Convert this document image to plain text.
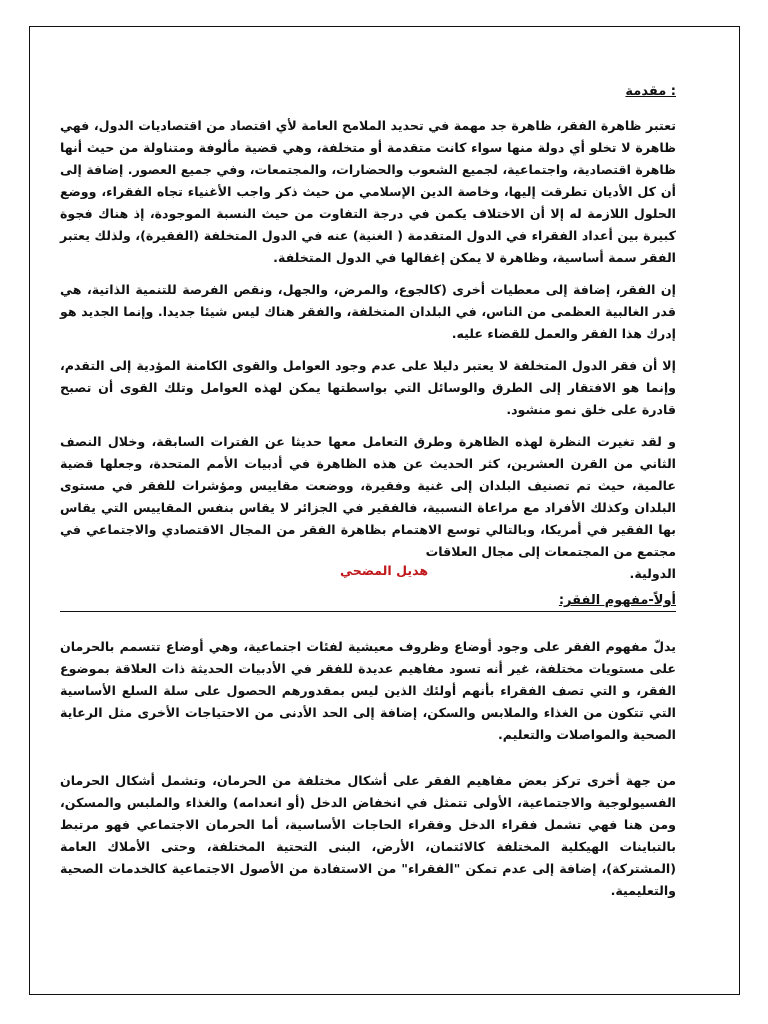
: مقدمة

تعتبر ظاهرة الفقر، ظاهرة جد مهمة في تحديد الملامح العامة لأي اقتصاد من اقتصاديات الدول، فهي ظاهرة لا تخلو أي دولة منها سواء كانت متقدمة أو متخلفة، وهي قضية مألوفة ومتناولة من حيث أنها ظاهرة اقتصادية، واجتماعية، لجميع الشعوب والحضارات، والمجتمعات، وفي جميع العصور. إضافة إلى أن كل الأديان تطرقت إليها، وخاصة الدين الإسلامي من حيث ذكر واجب الأغنياء تجاه الفقراء، ووضع الحلول اللازمة له إلا أن الاختلاف يكمن في درجة التفاوت من حيث النسبة الموجودة، إذ هناك فجوة كبيرة بين أعداد الفقراء في الدول المتقدمة ( الغنية) عنه في الدول المتخلفة (الفقيرة)، ولذلك يعتبر الفقر سمة أساسية، وظاهرة لا يمكن إغفالها في الدول المتخلفة.

إن الفقر، إضافة إلى معطيات أخرى (كالجوع، والمرض، والجهل، ونقص الفرصة للتنمية الذاتية، هي قدر الغالبية العظمى من الناس، في البلدان المتخلفة، والفقر هناك ليس شيئا جديدا. وإنما الجديد هو إدرك هذا الفقر والعمل للقضاء عليه.

إلا أن فقر الدول المتخلفة لا يعتبر دليلا على عدم وجود العوامل والقوى الكامنة المؤدية إلى التقدم، وإنما هو الافتقار إلى الطرق والوسائل التي بواسطتها يمكن لهذه العوامل وتلك القوى أن تصبح قادرة على خلق نمو منشود.

و لقد تغيرت النظرة لهذه الظاهرة وطرق التعامل معها حديثا عن الفترات السابقة، وخلال النصف الثاني من القرن العشرين، كثر الحديث عن هذه الظاهرة في أدبيات الأمم المتحدة، وجعلها قضية عالمية، حيث تم تصنيف البلدان إلى غنية وفقيرة، ووضعت مقاييس ومؤشرات للفقر في مستوى البلدان وكذلك الأفراد مع مراعاة النسبية، فالفقير في الجزائر لا يقاس بنفس المقاييس التي يقاس بها الفقير في أمريكا، وبالتالي توسع الاهتمام بظاهرة الفقر من المجال الاقتصادي والاجتماعي في مجتمع من المجتمعات إلى مجال العلاقات

الدولية.
هديل المضحي
أولاً-مفهوم الفقر:

يدلّ مفهوم الفقر على وجود أوضاع وظروف معيشية لفئات اجتماعية، وهي أوضاع تتسمم بالحرمان على مستويات مختلفة، غير أنه تسود مفاهيم عديدة للفقر في الأدبيات الحديثة ذات العلاقة بموضوع الفقر، و التي تصف الفقراء بأنهم أولئك الذين ليس بمقدورهم الحصول على سلة السلع الأساسية التي تتكون من الغذاء والملابس والسكن، إضافة إلى الحد الأدنى من الاحتياجات الأخرى مثل الرعاية الصحية والمواصلات والتعليم.

من جهة أخرى تركز بعض مفاهيم الفقر على أشكال مختلفة من الحرمان، وتشمل أشكال الحرمان الفسيولوجية والاجتماعية، الأولى تتمثل في انخفاض الدخل (أو انعدامه) والغذاء والملبس والمسكن، ومن هنا فهي تشمل فقراء الدخل وفقراء الحاجات الأساسية، أما الحرمان الاجتماعي فهو مرتبط بالتباينات الهيكلية المختلفة كالائتمان، الأرض، البنى التحتية المختلفة، وحتى الأملاك العامة (المشتركة)، إضافة إلى عدم تمكن "الفقراء" من الاستفادة من الأصول الاجتماعية كالخدمات الصحية والتعليمية.
